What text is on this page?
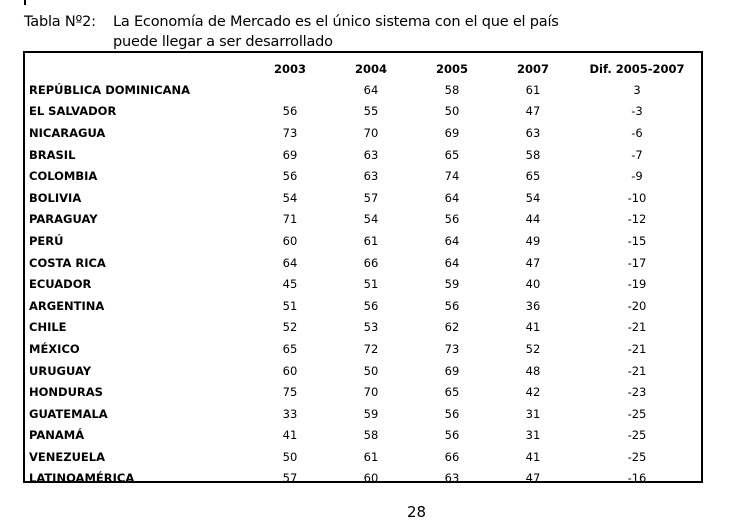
Tabla Nº2: La Economía de Mercado es el único sistema con el que el país
puede llegar a ser desarrollado
	2003	2004	2005	2007	Dif. 2005-2007
REPÚBLICA DOMINICANA		64	58	61	3
EL SALVADOR	56	55	50	47	-3
NICARAGUA	73	70	69	63	-6
BRASIL	69	63	65	58	-7
COLOMBIA	56	63	74	65	-9
BOLIVIA	54	57	64	54	-10
PARAGUAY	71	54	56	44	-12
PERÚ	60	61	64	49	-15
COSTA RICA	64	66	64	47	-17
ECUADOR	45	51	59	40	-19
ARGENTINA	51	56	56	36	-20
CHILE	52	53	62	41	-21
MÉXICO	65	72	73	52	-21
URUGUAY	60	50	69	48	-21
HONDURAS	75	70	65	42	-23
GUATEMALA	33	59	56	31	-25
PANAMÁ	41	58	56	31	-25
VENEZUELA	50	61	66	41	-25
LATINOAMÉRICA	57	60	63	47	-16
28
